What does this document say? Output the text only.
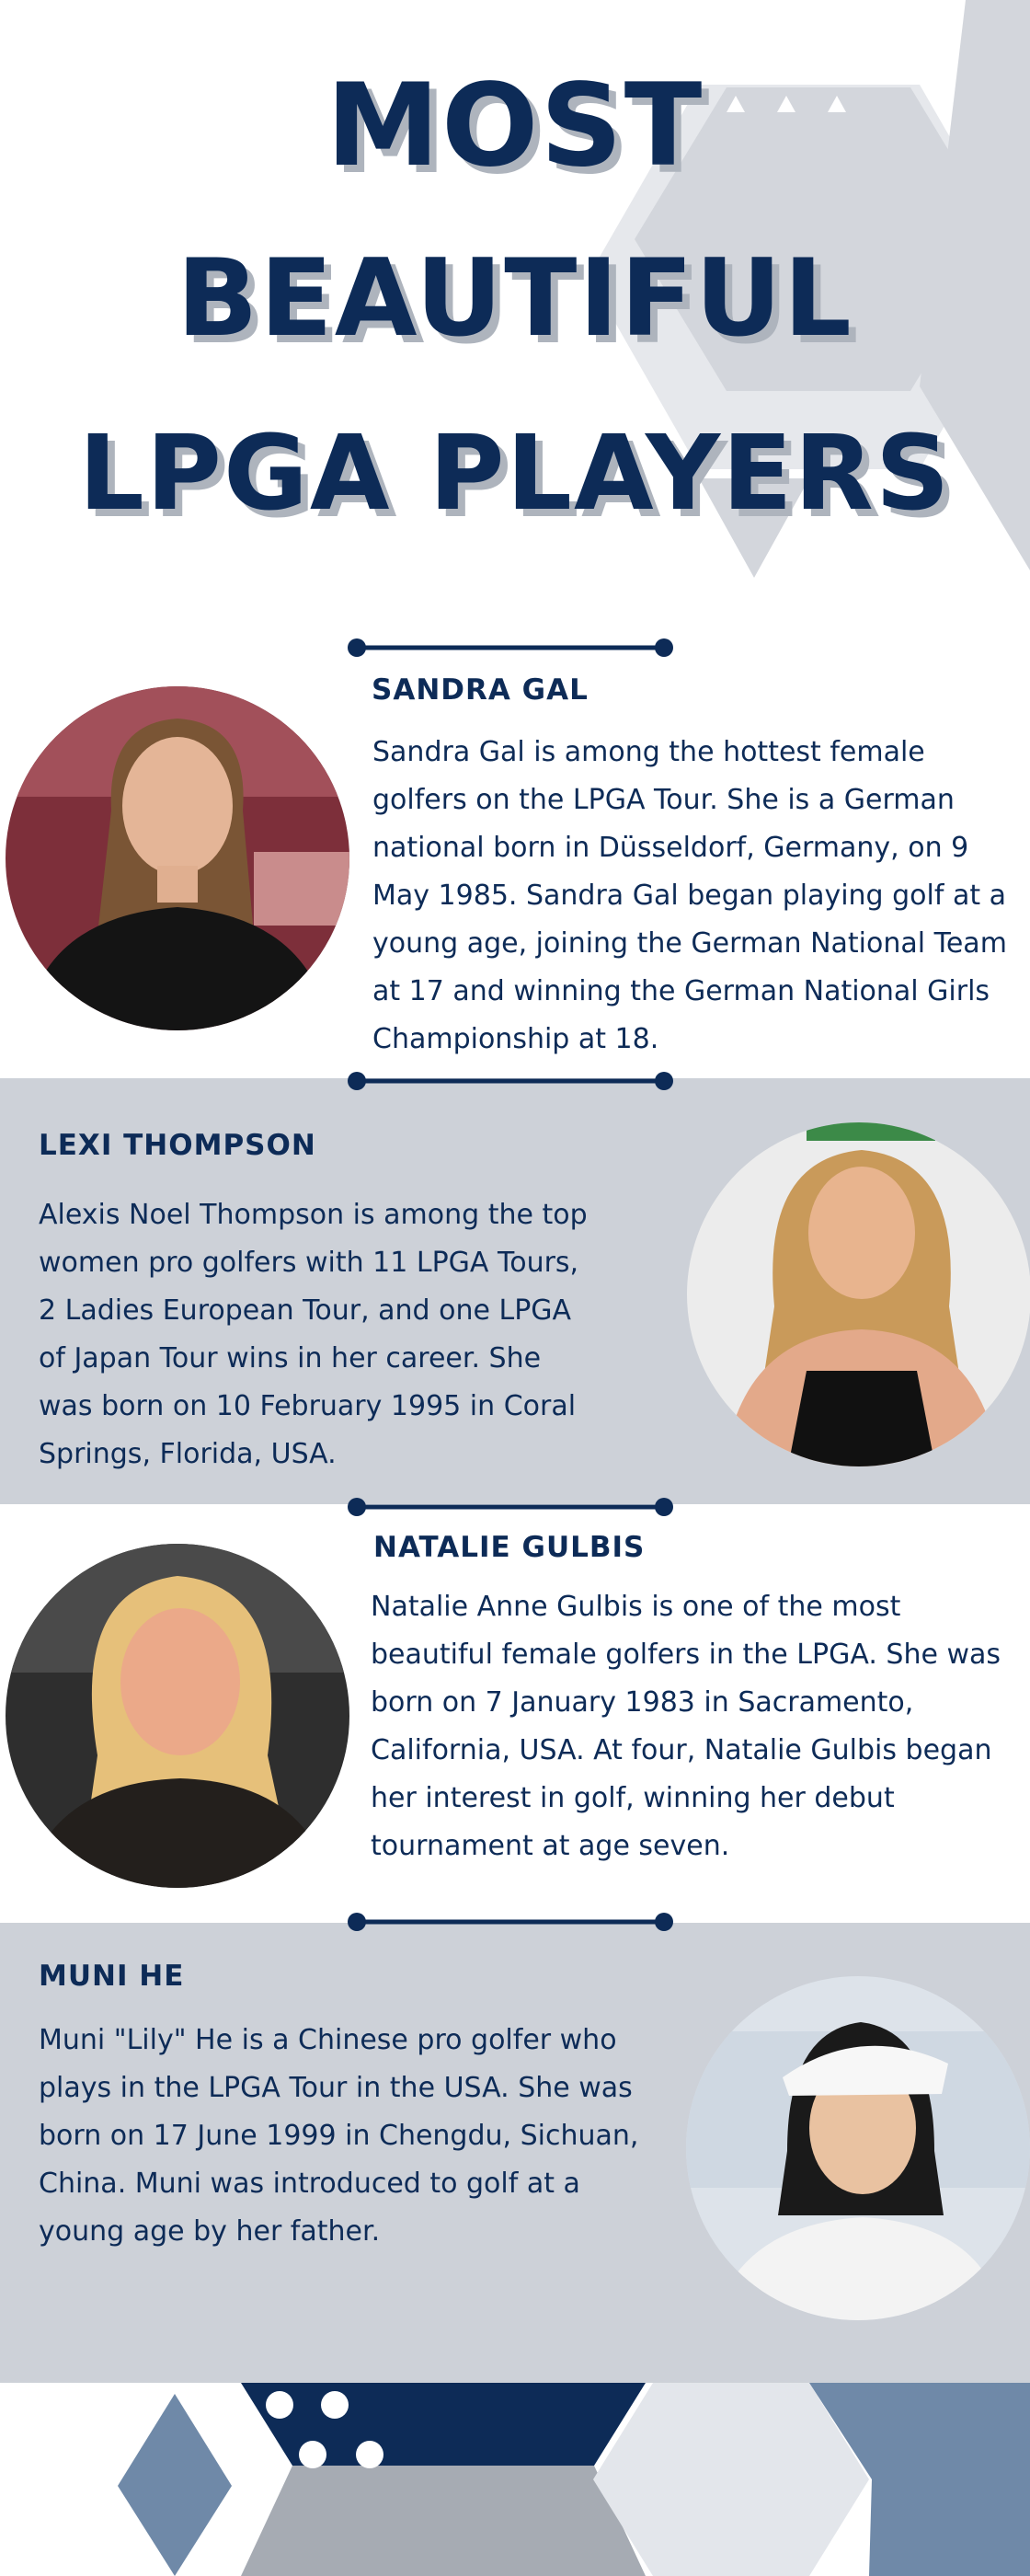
MOST
BEAUTIFUL
LPGA PLAYERS
SANDRA GAL
Sandra Gal is among the hottest female golfers on the LPGA Tour. She is a German national born in Düsseldorf, Germany, on 9 May 1985. Sandra Gal began playing golf at a young age, joining the German National Team at 17 and winning the German National Girls Championship at 18.
LEXI THOMPSON
Alexis Noel Thompson is among the top women pro golfers with 11 LPGA Tours, 2 Ladies European Tour, and one LPGA of Japan Tour wins in her career. She was born on 10 February 1995 in Coral Springs, Florida, USA.
NATALIE GULBIS
Natalie Anne Gulbis is one of the most beautiful female golfers in the LPGA. She was born on 7 January 1983 in Sacramento, California, USA. At four, Natalie Gulbis began her interest in golf, winning her debut tournament at age seven.
MUNI HE
Muni "Lily" He is a Chinese pro golfer who plays in the LPGA Tour in the USA. She was born on 17 June 1999 in Chengdu, Sichuan, China. Muni was introduced to golf at a young age by her father.
